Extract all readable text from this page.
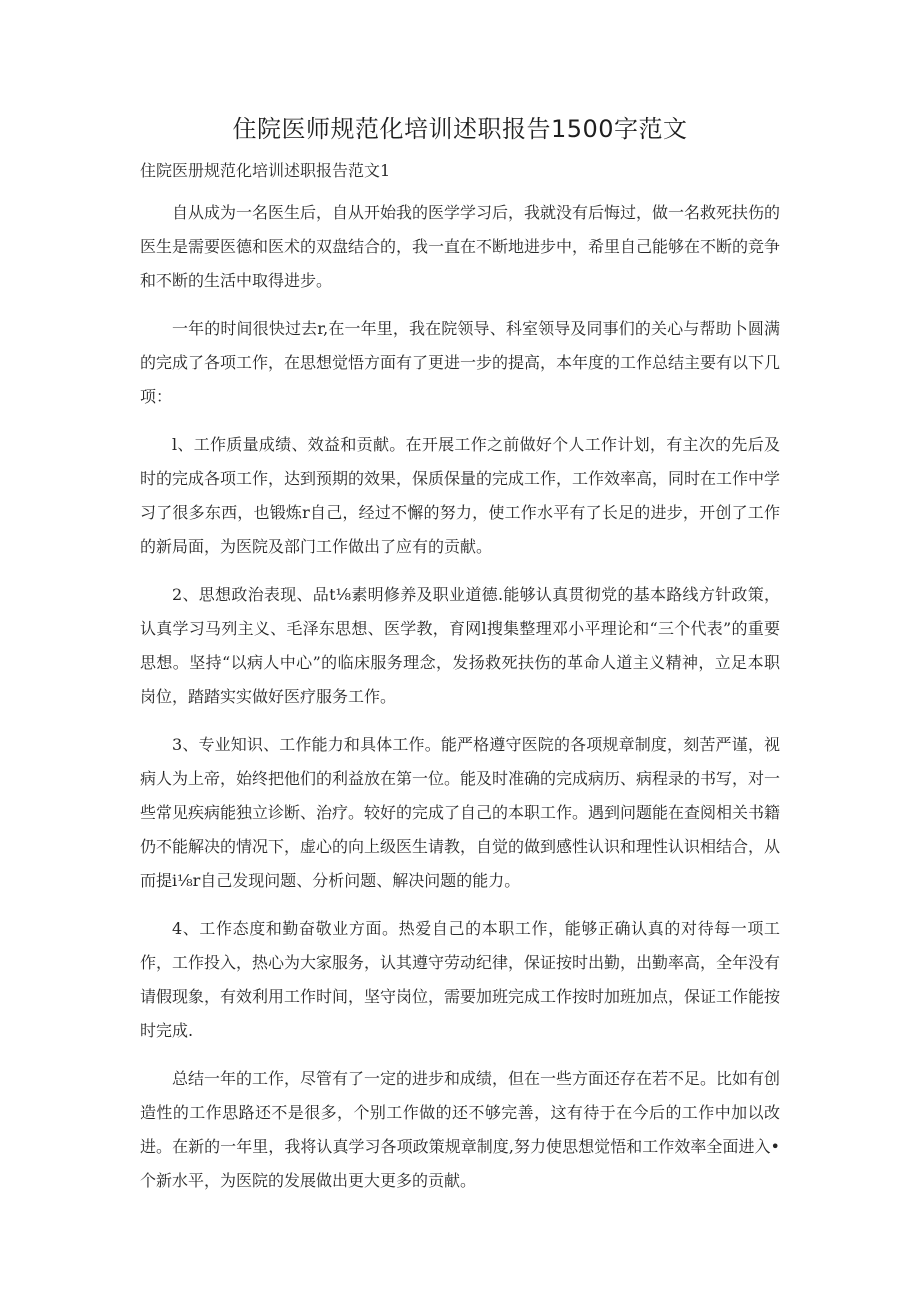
住院医师规范化培训述职报告1500字范文

住院医册规范化培训述职报告范文1

自从成为一名医生后，自从开始我的医学学习后，我就没有后悔过，做一名救死扶伤的医生是需要医德和医术的双盘结合的，我一直在不断地进步中，希里自己能够在不断的竞争和不断的生活中取得进步。

一年的时间很快过去r,在一年里，我在院领导、科室领导及同事们的关心与帮助卜圆满的完成了各项工作，在思想觉悟方面有了更进一步的提高，本年度的工作总结主要有以下几项：

l、工作质量成绩、效益和贡献。在开展工作之前做好个人工作计划，有主次的先后及时的完成各项工作，达到预期的效果，保质保量的完成工作，工作效率高，同时在工作中学习了很多东西，也锻炼r自己，经过不懈的努力，使工作水平有了长足的进步，开创了工作的新局面，为医院及部门工作做出了应有的贡献。

2、思想政治表现、品t⅛素明修养及职业道德.能够认真贯彻党的基本路线方针政策，认真学习马列主义、毛泽东思想、医学教，育网l搜集整理邓小平理论和“三个代表”的重要思想。坚持“以病人中心”的临床服务理念，发扬救死扶伤的革命人道主义精神，立足本职岗位，踏踏实实做好医疗服务工作。

3、专业知识、工作能力和具体工作。能严格遵守医院的各项规章制度，刻苦严谨，视病人为上帝，始终把他们的利益放在第一位。能及时准确的完成病历、病程录的书写，对一些常见疾病能独立诊断、治疗。较好的完成了自己的本职工作。遇到问题能在查阅相关书籍仍不能解决的情况下，虚心的向上级医生请教，自觉的做到感性认识和理性认识相结合，从而提i⅛r自己发现问题、分析问题、解决问题的能力。

4、工作态度和勤奋敬业方面。热爱自己的本职工作，能够正确认真的对待每一项工作，工作投入，热心为大家服务，认其遵守劳动纪律，保证按时出勤，出勤率高，全年没有请假现象，有效利用工作时间，坚守岗位，需要加班完成工作按时加班加点，保证工作能按时完成.

总结一年的工作，尽管有了一定的进步和成绩，但在一些方面还存在若不足。比如有创造性的工作思路还不是很多，个别工作做的还不够完善，这有待于在今后的工作中加以改进。在新的一年里，我将认真学习各项政策规章制度,努力使思想觉悟和工作效率全面进入•个新水平，为医院的发展做出更大更多的贡献。
